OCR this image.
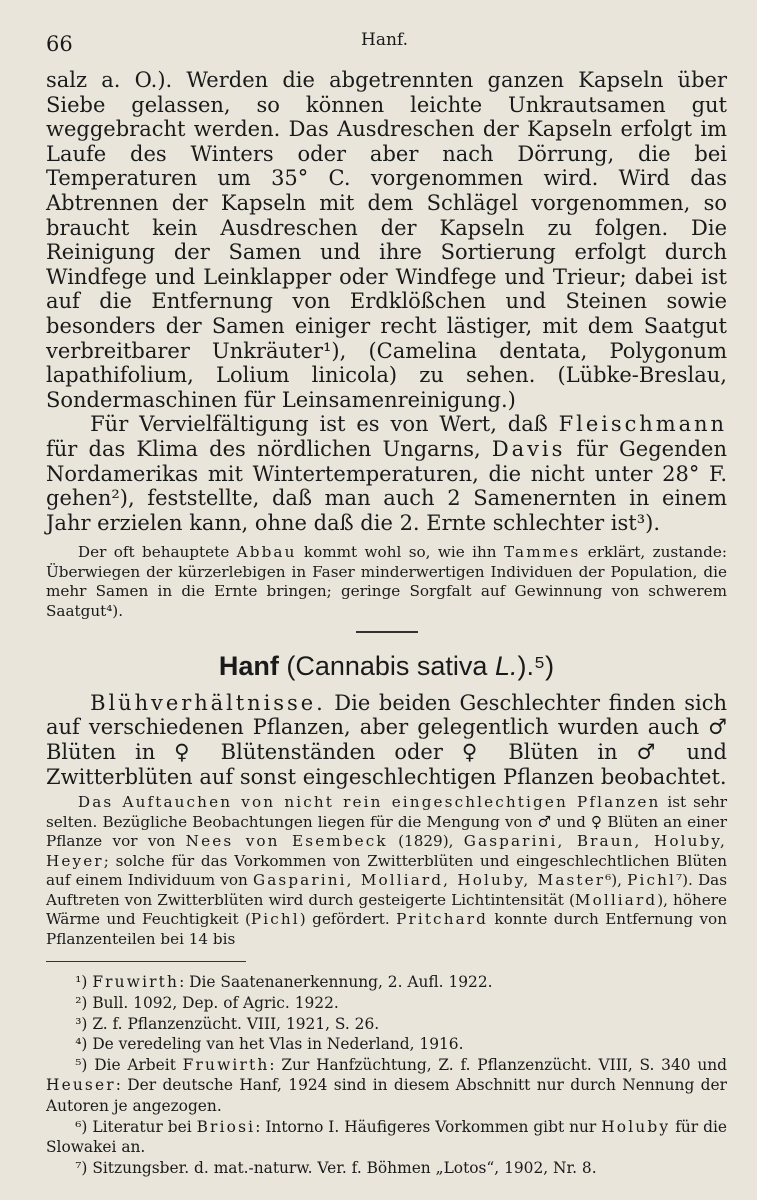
66	Hanf.

salz a. O.). Werden die abgetrennten ganzen Kapseln über Siebe gelassen, so können leichte Unkrautsamen gut weggebracht werden. Das Ausdreschen der Kapseln erfolgt im Laufe des Winters oder aber nach Dörrung, die bei Temperaturen um 35° C. vorgenommen wird. Wird das Abtrennen der Kapseln mit dem Schlägel vorgenommen, so braucht kein Ausdreschen der Kapseln zu folgen. Die Reinigung der Samen und ihre Sortierung erfolgt durch Windfege und Leinklapper oder Windfege und Trieur; dabei ist auf die Entfernung von Erdklößchen und Steinen sowie besonders der Samen einiger recht lästiger, mit dem Saatgut verbreitbarer Unkräuter¹), (Camelina dentata, Polygonum lapathifolium, Lolium linicola) zu sehen. (Lübke-Breslau, Sondermaschinen für Leinsamenreinigung.)

Für Vervielfältigung ist es von Wert, daß Fleischmann für das Klima des nördlichen Ungarns, Davis für Gegenden Nordamerikas mit Wintertemperaturen, die nicht unter 28° F. gehen²), feststellte, daß man auch 2 Samenernten in einem Jahr erzielen kann, ohne daß die 2. Ernte schlechter ist³).

Der oft behauptete Abbau kommt wohl so, wie ihn Tammes erklärt, zustande: Überwiegen der kürzerlebigen in Faser minderwertigen Individuen der Population, die mehr Samen in die Ernte bringen; geringe Sorgfalt auf Gewinnung von schwerem Saatgut⁴).

Hanf (Cannabis sativa L.).⁵)

Blühverhältnisse. Die beiden Geschlechter finden sich auf verschiedenen Pflanzen, aber gelegentlich wurden auch ♂ Blüten in ♀ Blütenständen oder ♀ Blüten in ♂ und Zwitterblüten auf sonst eingeschlechtigen Pflanzen beobachtet.

Das Auftauchen von nicht rein eingeschlechtigen Pflanzen ist sehr selten. Bezügliche Beobachtungen liegen für die Mengung von ♂ und ♀ Blüten an einer Pflanze vor von Nees von Esembeck (1829), Gasparini, Braun, Holuby, Heyer; solche für das Vorkommen von Zwitterblüten und eingeschlechtlichen Blüten auf einem Individuum von Gasparini, Molliard, Holuby, Master⁶), Pichl⁷). Das Auftreten von Zwitterblüten wird durch gesteigerte Lichtintensität (Molliard), höhere Wärme und Feuchtigkeit (Pichl) gefördert. Pritchard konnte durch Entfernung von Pflanzenteilen bei 14 bis

¹) Fruwirth: Die Saatenanerkennung, 2. Aufl. 1922.

²) Bull. 1092, Dep. of Agric. 1922.

³) Z. f. Pflanzenzücht. VIII, 1921, S. 26.

⁴) De veredeling van het Vlas in Nederland, 1916.

⁵) Die Arbeit Fruwirth: Zur Hanfzüchtung, Z. f. Pflanzenzücht. VIII, S. 340 und Heuser: Der deutsche Hanf, 1924 sind in diesem Abschnitt nur durch Nennung der Autoren je angezogen.

⁶) Literatur bei Briosi: Intorno I. Häufigeres Vorkommen gibt nur Holuby für die Slowakei an.

⁷) Sitzungsber. d. mat.-naturw. Ver. f. Böhmen „Lotos“, 1902, Nr. 8.
